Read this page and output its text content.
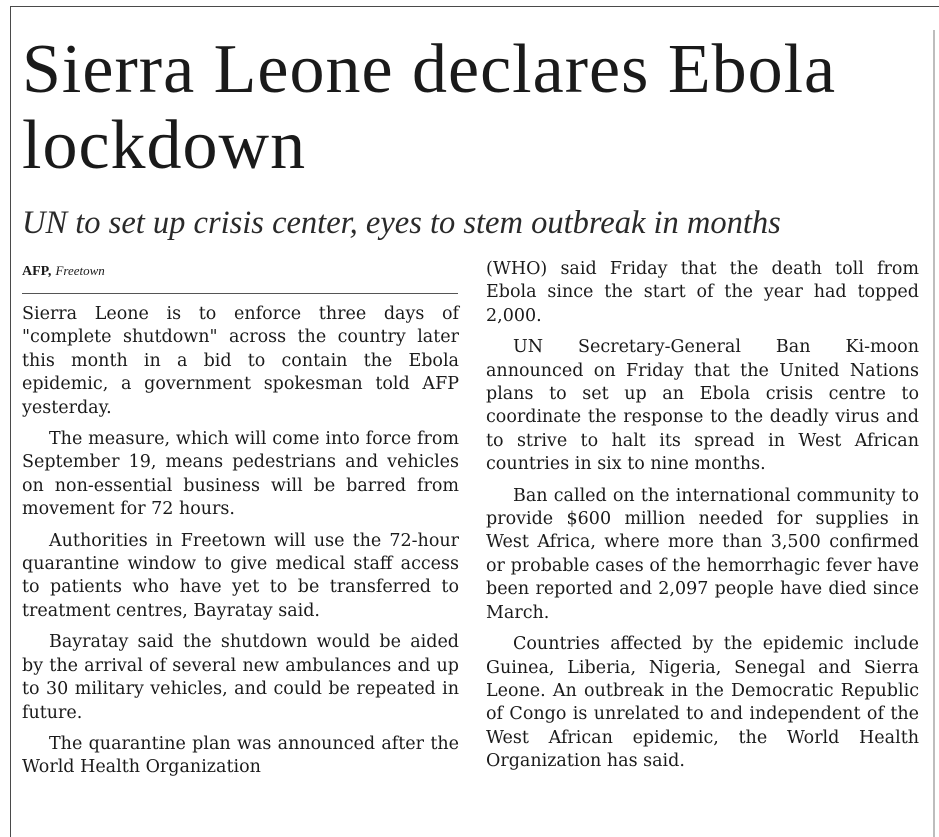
Sierra Leone declares Ebola lockdown
UN to set up crisis center, eyes to stem outbreak in months
AFP, Freetown

Sierra Leone is to enforce three days of "complete shutdown" across the country later this month in a bid to contain the Ebola epidemic, a government spokesman told AFP yesterday.

The measure, which will come into force from September 19, means pedestrians and vehicles on non-essential business will be barred from movement for 72 hours.

Authorities in Freetown will use the 72-hour quarantine window to give medical staff access to patients who have yet to be transferred to treatment centres, Bayratay said.

Bayratay said the shutdown would be aided by the arrival of several new ambulances and up to 30 military vehicles, and could be repeated in future.

The quarantine plan was announced after the World Health Organization

(WHO) said Friday that the death toll from Ebola since the start of the year had topped 2,000.

UN Secretary-General Ban Ki-moon announced on Friday that the United Nations plans to set up an Ebola crisis centre to coordinate the response to the deadly virus and to strive to halt its spread in West African countries in six to nine months.

Ban called on the international community to provide $600 million needed for supplies in West Africa, where more than 3,500 confirmed or probable cases of the hemorrhagic fever have been reported and 2,097 people have died since March.

Countries affected by the epidemic include Guinea, Liberia, Nigeria, Senegal and Sierra Leone. An outbreak in the Democratic Republic of Congo is unrelated to and independent of the West African epidemic, the World Health Organization has said.
